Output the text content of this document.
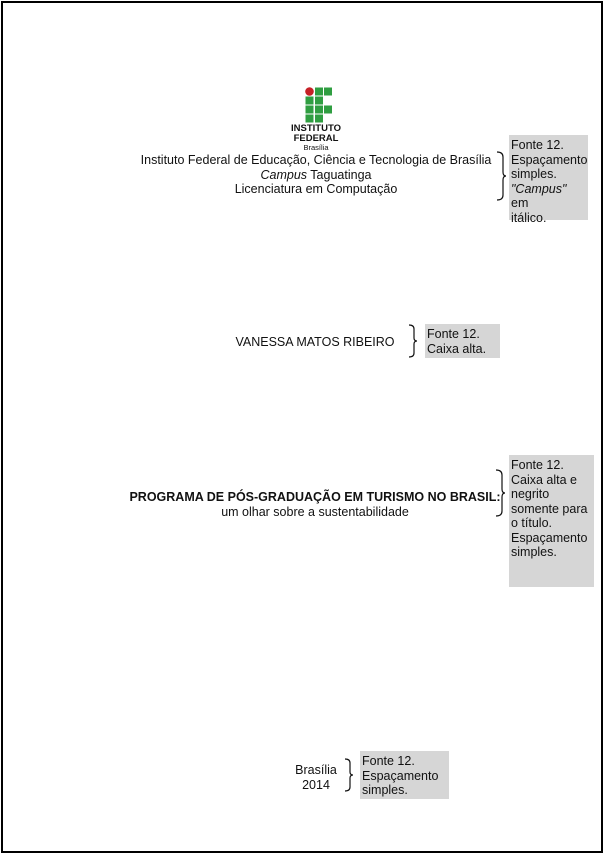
INSTITUTO
FEDERAL
Brasília
Instituto Federal de Educação, Ciência e Tecnologia de Brasília
Campus Taguatinga
Licenciatura em Computação
Fonte 12.
Espaçamento
simples.
"Campus" em
itálico.
VANESSA MATOS RIBEIRO
Fonte 12.
Caixa alta.
PROGRAMA DE PÓS-GRADUAÇÃO EM TURISMO NO BRASIL:
um olhar sobre a sustentabilidade
Fonte 12.
Caixa alta e
negrito
somente para
o título.
Espaçamento
simples.
Brasília
2014
Fonte 12.
Espaçamento
simples.
